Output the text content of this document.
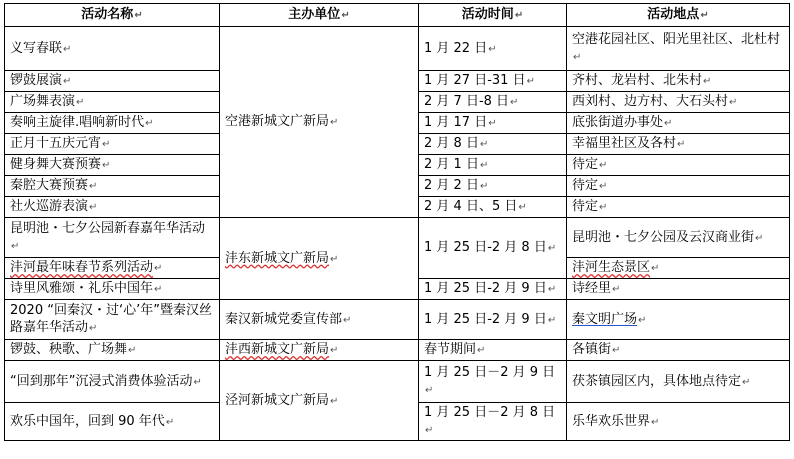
活动名称↵	主办单位↵	活动时间↵	活动地点↵
义写春联↵	空港新城文广新局↵	1 月 22 日↵	空港花园社区、阳光里社区、北杜村↵
锣鼓展演↵		1 月 27 日-31 日↵	齐村、龙岩村、北朱村↵
广场舞表演↵		2 月 7 日-8 日↵	西刘村、边方村、大石头村↵
奏响主旋律.唱响新时代↵		1 月 17 日↵	底张街道办事处↵
正月十五庆元宵↵		2 月 8 日↵	幸福里社区及各村↵
健身舞大赛预赛↵		2 月 1 日↵	待定↵
秦腔大赛预赛↵		2 月 2 日↵	待定↵
社火巡游表演↵		2 月 4 日、5 日↵	待定↵
昆明池・七夕公园新春嘉年华活动↵	沣东新城文广新局↵	1 月 25 日-2 月 8 日↵	昆明池・七夕公园及云汉商业街↵
沣河最年味春节系列活动↵			沣河生态景区↵
诗里风雅颂・礼乐中国年↵		1 月 25 日-2 月 9 日↵	诗经里↵
2020 “回秦汉・过‘心’年”暨秦汉丝路嘉年华活动↵	秦汉新城党委宣传部↵	1 月 25 日-2 月 9 日↵	秦文明广场↵
锣鼓、秧歌、广场舞↵	沣西新城文广新局↵	春节期间↵	各镇街↵
“回到那年”沉浸式消费体验活动↵	泾河新城文广新局↵	1 月 25 日－2 月 9 日↵	茯茶镇园区内，具体地点待定↵
欢乐中国年，回到 90 年代↵		1 月 25 日－2 月 8 日↵	乐华欢乐世界↵
